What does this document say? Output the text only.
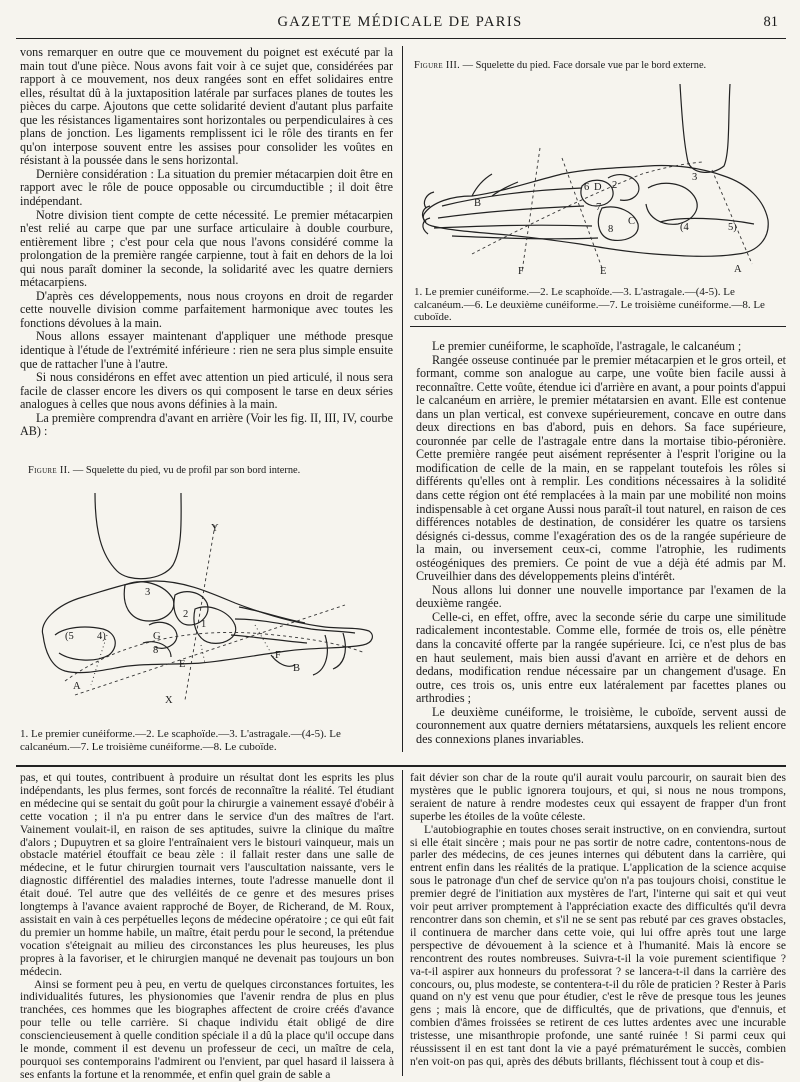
GAZETTE MÉDICALE DE PARIS	81

vons remarquer en outre que ce mouvement du poignet est exécuté par la main tout d'une pièce. Nous avons fait voir à ce sujet que, considérées par rapport à ce mouvement, nos deux rangées sont en effet solidaires entre elles, résultat dû à la juxtaposition latérale par surfaces planes de toutes les pièces du carpe. Ajoutons que cette solidarité devient d'autant plus parfaite que les résistances ligamentaires sont horizontales ou perpendiculaires à ces plans de jonction. Les ligaments remplissent ici le rôle des tirants en fer qu'on interpose souvent entre les assises pour consolider les voûtes en résistant à la poussée dans le sens horizontal.

Dernière considération : La situation du premier métacarpien doit être en rapport avec le rôle de pouce opposable ou circumductible ; il doit être indépendant.

Notre division tient compte de cette nécessité. Le premier métacarpien n'est relié au carpe que par une surface articulaire à double courbure, entièrement libre ; c'est pour cela que nous l'avons considéré comme la prolongation de la première rangée carpienne, tout à fait en dehors de la loi qui nous paraît dominer la seconde, la solidarité avec les quatre derniers métacarpiens.

D'après ces développements, nous nous croyons en droit de regarder cette nouvelle division comme parfaitement harmonique avec toutes les fonctions dévolues à la main.

Nous allons essayer maintenant d'appliquer une méthode presque identique à l'étude de l'extrémité inférieure : rien ne sera plus simple ensuite que de rattacher l'une à l'autre.

Si nous considérons en effet avec attention un pied articulé, il nous sera facile de classer encore les divers os qui composent le tarse en deux séries analogues à celles que nous avons définies à la main.

La première comprendra d'avant en arrière (Voir les fig. II, III, IV, courbe AB) :

Figure II. — Squelette du pied, vu de profil par son bord interne.

Y
3
1
2
G
(5 4)
8	F
E	B
A
X

1. Le premier cunéiforme.—2. Le scaphoïde.—3. L'astragale.—(4-5). Le calcanéum.—7. Le troisième cunéiforme.—8. Le cuboïde.

Figure III. — Squelette du pied. Face dorsale vue par le bord externe.

3
2
6 D
7
8
C
(4	5)
B
F	E	A

1. Le premier cunéiforme.—2. Le scaphoïde.—3. L'astragale.—(4-5). Le calcanéum.—6. Le deuxième cunéiforme.—7. Le troisième cunéiforme.—8. Le cuboïde.

Le premier cunéiforme, le scaphoïde, l'astragale, le calcanéum ;

Rangée osseuse continuée par le premier métacarpien et le gros orteil, et formant, comme son analogue au carpe, une voûte bien facile aussi à reconnaître. Cette voûte, étendue ici d'arrière en avant, a pour points d'appui le calcanéum en arrière, le premier métatarsien en avant. Elle est contenue dans un plan vertical, est convexe supérieurement, concave en outre dans deux directions en bas d'abord, puis en dehors. Sa face supérieure, couronnée par celle de l'astragale entre dans la mortaise tibio-péronière. Cette première rangée peut aisément représenter à l'esprit l'origine ou la modification de celle de la main, en se rappelant toutefois les rôles si différents qu'elles ont à remplir. Les conditions nécessaires à la solidité dans cette région ont été remplacées à la main par une mobilité non moins indispensable à cet organe Aussi nous paraît-il tout naturel, en raison de ces différences notables de destination, de considérer les quatre os tarsiens désignés ci-dessus, comme l'exagération des os de la rangée supérieure de la main, ou inversement ceux-ci, comme l'atrophie, les rudiments ostéogéniques des premiers. Ce point de vue a déjà été admis par M. Cruveilhier dans des développements pleins d'intérêt.

Nous allons lui donner une nouvelle importance par l'examen de la deuxième rangée.

Celle-ci, en effet, offre, avec la seconde série du carpe une similitude radicalement incontestable. Comme elle, formée de trois os, elle pénètre dans la concavité offerte par la rangée supérieure. Ici, ce n'est plus de bas en haut seulement, mais bien aussi d'avant en arrière et de dehors en dedans, modification rendue nécessaire par un changement d'usage. En outre, ces trois os, unis entre eux latéralement par facettes planes ou arthrodies ;

Le deuxième cunéiforme, le troisième, le cuboïde, servent aussi de couronnement aux quatre derniers métatarsiens, auxquels les relient encore des connexions planes invariables.

pas, et qui toutes, contribuent à produire un résultat dont les esprits les plus indépendants, les plus fermes, sont forcés de reconnaître la réalité. Tel étudiant en médecine qui se sentait du goût pour la chirurgie a vainement essayé d'obéir à cette vocation ; il n'a pu entrer dans le service d'un des maîtres de l'art. Vainement voulait-il, en raison de ses aptitudes, suivre la clinique du maître d'alors ; Dupuytren et sa gloire l'entraînaient vers le bistouri vainqueur, mais un obstacle matériel étouffait ce beau zèle : il fallait rester dans une salle de médecine, et le futur chirurgien tournait vers l'auscultation naissante, vers le diagnostic différentiel des maladies internes, toute l'adresse manuelle dont il était doué. Tel autre que des velléités de ce genre et des mesures prises longtemps à l'avance avaient rapproché de Boyer, de Richerand, de M. Roux, assistait en vain à ces perpétuelles leçons de médecine opératoire ; ce qui eût fait du premier un homme habile, un maître, était perdu pour le second, la prétendue vocation s'éteignait au milieu des circonstances les plus heureuses, les plus propres à la favoriser, et le chirurgien manqué ne devenait pas toujours un bon médecin.

Ainsi se forment peu à peu, en vertu de quelques circonstances fortuites, les individualités futures, les physionomies que l'avenir rendra de plus en plus tranchées, ces hommes que les biographes affectent de croire créés d'avance pour telle ou telle carrière. Si chaque individu était obligé de dire consciencieusement à quelle condition spéciale il a dû la place qu'il occupe dans le monde, comment il est devenu un professeur de ceci, un maître de cela, pourquoi ses contemporains l'admirent ou l'envient, par quel hasard il laissera à ses enfants la fortune et la renommée, et enfin quel grain de sable a

fait dévier son char de la route qu'il aurait voulu parcourir, on saurait bien des mystères que le public ignorera toujours, et qui, si nous ne nous trompons, seraient de nature à rendre modestes ceux qui essayent de frapper d'un front superbe les étoiles de la voûte céleste.

L'autobiographie en toutes choses serait instructive, on en conviendra, surtout si elle était sincère ; mais pour ne pas sortir de notre cadre, contentons-nous de parler des médecins, de ces jeunes internes qui débutent dans la carrière, qui entrent enfin dans les réalités de la pratique. L'application de la science acquise sous le patronage d'un chef de service qu'on n'a pas toujours choisi, constitue le premier degré de l'initiation aux mystères de l'art, l'interne qui sait et qui veut voir peut arriver promptement à l'appréciation exacte des difficultés qu'il devra rencontrer dans son chemin, et s'il ne se sent pas rebuté par ces graves obstacles, il continuera de marcher dans cette voie, qui lui offre après tout une large perspective de dévouement à la science et à l'humanité. Mais là encore se rencontrent des routes nombreuses. Suivra-t-il la voie purement scientifique ? va-t-il aspirer aux honneurs du professorat ? se lancera-t-il dans la carrière des concours, ou, plus modeste, se contentera-t-il du rôle de praticien ? Rester à Paris quand on n'y est venu que pour étudier, c'est le rêve de presque tous les jeunes gens ; mais là encore, que de difficultés, que de privations, que d'ennuis, et combien d'âmes froissées se retirent de ces luttes ardentes avec une incurable tristesse, une misanthropie profonde, une santé ruinée ! Si parmi ceux qui réussissent il en est tant dont la vie a payé prématurément le succès, combien n'en voit-on pas qui, après des débuts brillants, fléchissent tout à coup et dis-
